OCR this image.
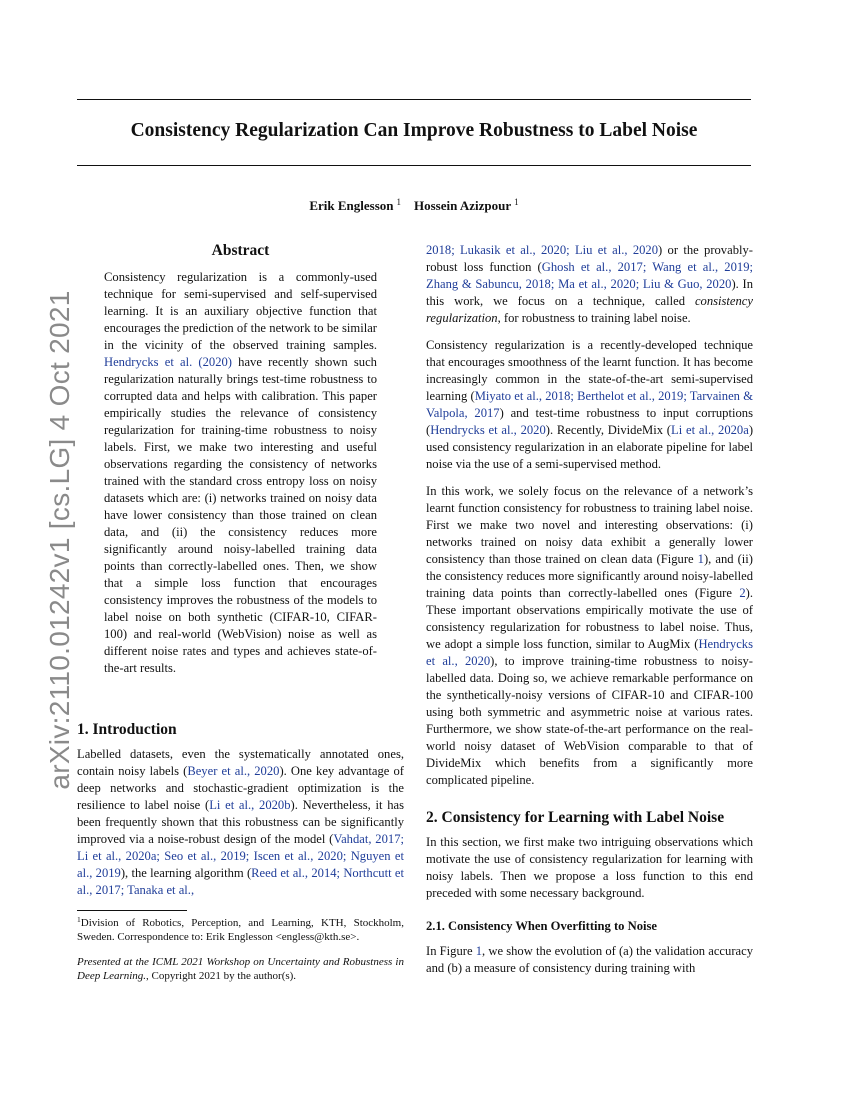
Consistency Regularization Can Improve Robustness to Label Noise
Erik Englesson $^1$ Hossein Azizpour $^1$
arXiv:2110.01242v1 [cs.LG] 4 Oct 2021
Abstract

Consistency regularization is a commonly-used technique for semi-supervised and self-supervised learning. It is an auxiliary objective function that encourages the prediction of the network to be similar in the vicinity of the observed training samples. Hendrycks et al. (2020) have recently shown such regularization naturally brings test-time robustness to corrupted data and helps with calibration. This paper empirically studies the relevance of consistency regularization for training-time robustness to noisy labels. First, we make two interesting and useful observations regarding the consistency of networks trained with the standard cross entropy loss on noisy datasets which are: (i) networks trained on noisy data have lower consistency than those trained on clean data, and (ii) the consistency reduces more significantly around noisy-labelled training data points than correctly-labelled ones. Then, we show that a simple loss function that encourages consistency improves the robustness of the models to label noise on both synthetic (CIFAR-10, CIFAR-100) and real-world (WebVision) noise as well as different noise rates and types and achieves state-of-the-art results.

1. Introduction

Labelled datasets, even the systematically annotated ones, contain noisy labels (Beyer et al., 2020). One key advantage of deep networks and stochastic-gradient optimization is the resilience to label noise (Li et al., 2020b). Nevertheless, it has been frequently shown that this robustness can be significantly improved via a noise-robust design of the model (Vahdat, 2017; Li et al., 2020a; Seo et al., 2019; Iscen et al., 2020; Nguyen et al., 2019), the learning algorithm (Reed et al., 2014; Northcutt et al., 2017; Tanaka et al.,

$^1$Division of Robotics, Perception, and Learning, KTH, Stockholm, Sweden. Correspondence to: Erik Englesson <engless@kth.se>.
Presented at the ICML 2021 Workshop on Uncertainty and Robustness in Deep Learning., Copyright 2021 by the author(s).

2018; Lukasik et al., 2020; Liu et al., 2020) or the provably-robust loss function (Ghosh et al., 2017; Wang et al., 2019; Zhang & Sabuncu, 2018; Ma et al., 2020; Liu & Guo, 2020). In this work, we focus on a technique, called consistency regularization, for robustness to training label noise.

Consistency regularization is a recently-developed technique that encourages smoothness of the learnt function. It has become increasingly common in the state-of-the-art semi-supervised learning (Miyato et al., 2018; Berthelot et al., 2019; Tarvainen & Valpola, 2017) and test-time robustness to input corruptions (Hendrycks et al., 2020). Recently, DivideMix (Li et al., 2020a) used consistency regularization in an elaborate pipeline for label noise via the use of a semi-supervised method.

In this work, we solely focus on the relevance of a network’s learnt function consistency for robustness to training label noise. First we make two novel and interesting observations: (i) networks trained on noisy data exhibit a generally lower consistency than those trained on clean data (Figure 1), and (ii) the consistency reduces more significantly around noisy-labelled training data points than correctly-labelled ones (Figure 2). These important observations empirically motivate the use of consistency regularization for robustness to label noise. Thus, we adopt a simple loss function, similar to AugMix (Hendrycks et al., 2020), to improve training-time robustness to noisy-labelled data. Doing so, we achieve remarkable performance on the synthetically-noisy versions of CIFAR-10 and CIFAR-100 using both symmetric and asymmetric noise at various rates. Furthermore, we show state-of-the-art performance on the real-world noisy dataset of WebVision comparable to that of DivideMix which benefits from a significantly more complicated pipeline.

2. Consistency for Learning with Label Noise

In this section, we first make two intriguing observations which motivate the use of consistency regularization for learning with noisy labels. Then we propose a loss function to this end preceded with some necessary background.

2.1. Consistency When Overfitting to Noise

In Figure 1, we show the evolution of (a) the validation accuracy and (b) a measure of consistency during training with
